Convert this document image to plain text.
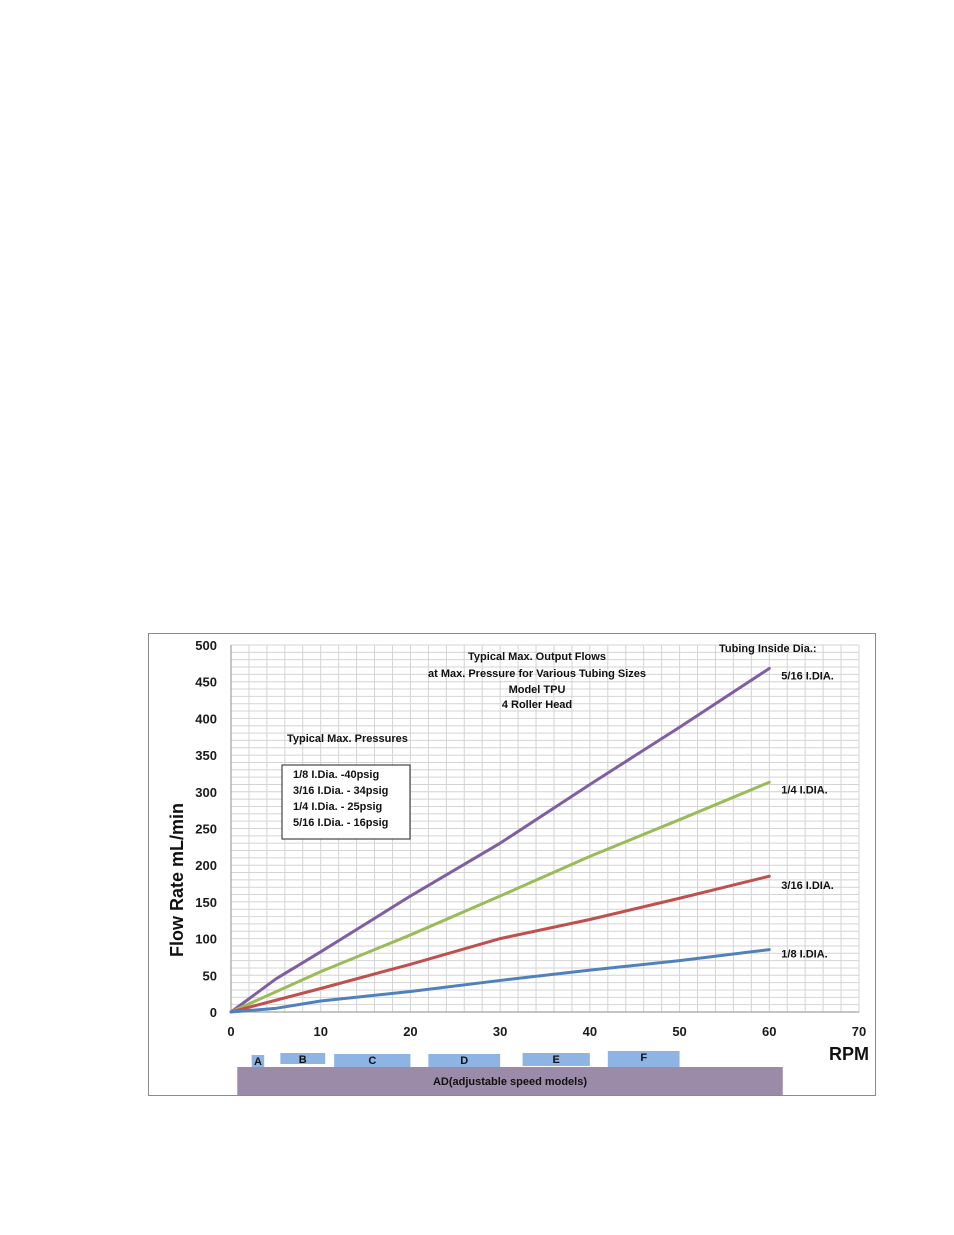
0
50
100
150
200
250
300
350
400
450
500
0	10	20	30	40	50	60	70
5/16 I.DIA.
1/4 I.DIA.
3/16 I.DIA.
1/8 I.DIA.
Tubing Inside Dia.:
Typical Max. Output Flows
at Max. Pressure for Various Tubing Sizes
Model TPU
4 Roller Head
Typical Max. Pressures
1/8 I.Dia. -40psig
3/16 I.Dia. - 34psig
1/4 I.Dia. - 25psig
5/16 I.Dia. - 16psig
AD(adjustable speed models)
A	B	C	D	E	F	RPM
Flow Rate mL/min
